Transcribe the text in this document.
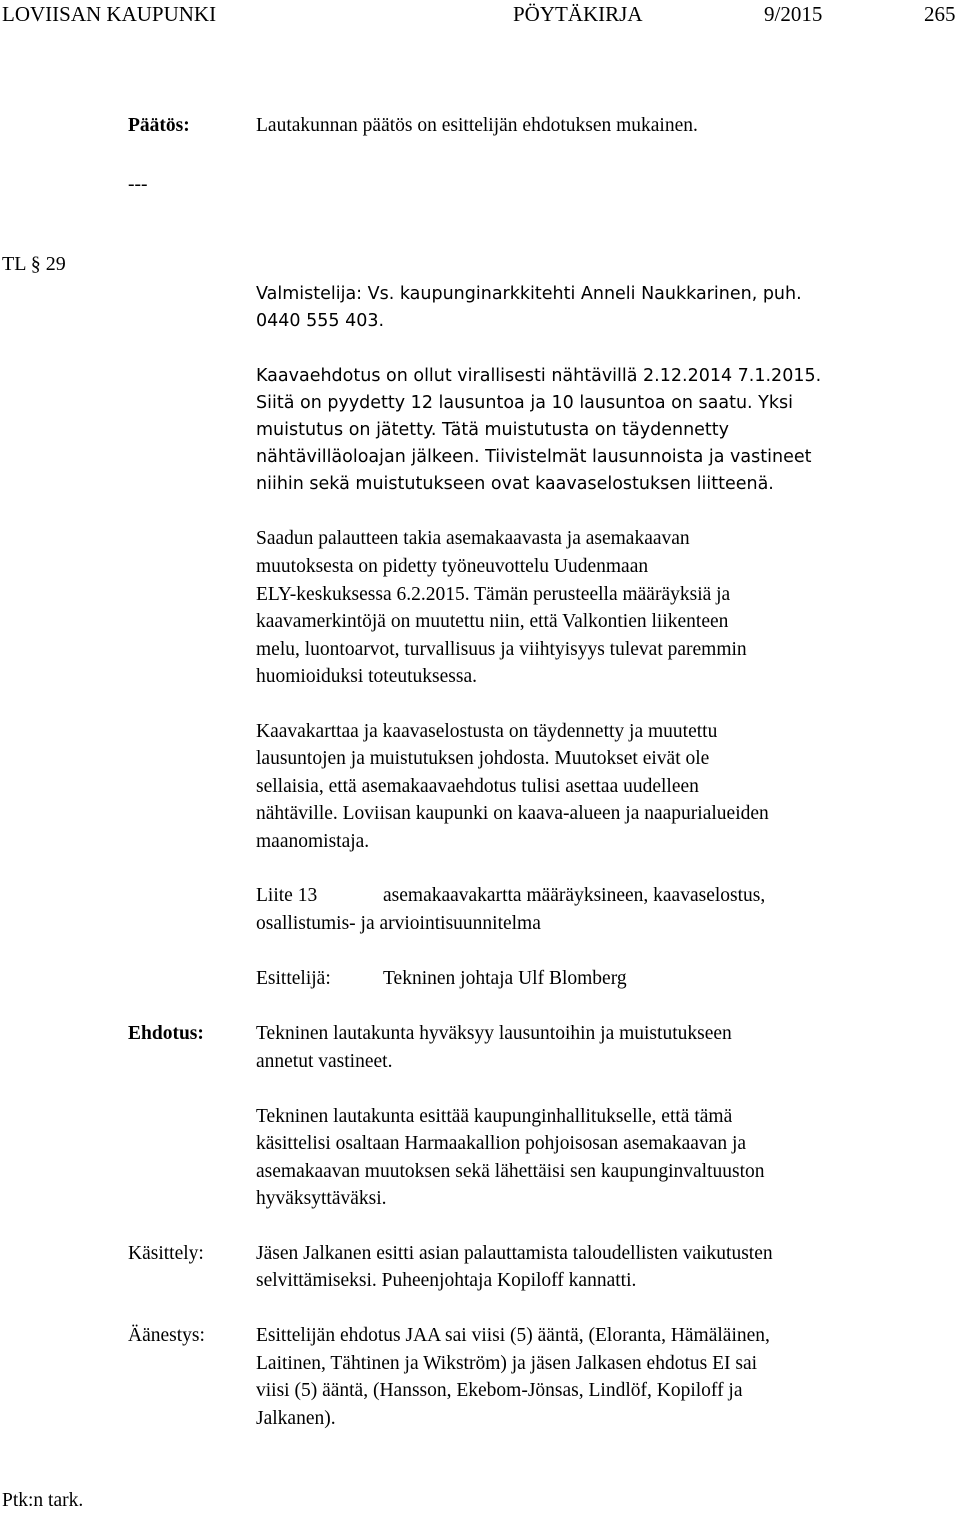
LOVIISAN KAUPUNKI	PÖYTÄKIRJA	9/2015	265
Päätös:	Lautakunnan päätös on esittelijän ehdotuksen mukainen.
---
TL § 29
Valmistelija: Vs. kaupunginarkkitehti Anneli Naukkarinen, puh.
0440 555 403.
Kaavaehdotus on ollut virallisesti nähtävillä 2.12.2014 7.1.2015.
Siitä on pyydetty 12 lausuntoa ja 10 lausuntoa on saatu. Yksi
muistutus on jätetty. Tätä muistutusta on täydennetty
nähtävilläoloajan jälkeen. Tiivistelmät lausunnoista ja vastineet
niihin sekä muistutukseen ovat kaavaselostuksen liitteenä.
Saadun palautteen takia asemakaavasta ja asemakaavan
muutoksesta on pidetty työneuvottelu Uudenmaan
ELY-keskuksessa 6.2.2015. Tämän perusteella määräyksiä ja
kaavamerkintöjä on muutettu niin, että Valkontien liikenteen
melu, luontoarvot, turvallisuus ja viihtyisyys tulevat paremmin
huomioiduksi toteutuksessa.
Kaavakarttaa ja kaavaselostusta on täydennetty ja muutettu
lausuntojen ja muistutuksen johdosta. Muutokset eivät ole
sellaisia, että asemakaavaehdotus tulisi asettaa uudelleen
nähtäville. Loviisan kaupunki on kaava-alueen ja naapurialueiden
maanomistaja.
Liite 13	asemakaavakartta määräyksineen, kaavaselostus,
osallistumis- ja arviointisuunnitelma
Esittelijä:	Tekninen johtaja Ulf Blomberg
Ehdotus:	Tekninen lautakunta hyväksyy lausuntoihin ja muistutukseen
annetut vastineet.
Tekninen lautakunta esittää kaupunginhallitukselle, että tämä
käsittelisi osaltaan Harmaakallion pohjoisosan asemakaavan ja
asemakaavan muutoksen sekä lähettäisi sen kaupunginvaltuuston
hyväksyttäväksi.
Käsittely:	Jäsen Jalkanen esitti asian palauttamista taloudellisten vaikutusten
selvittämiseksi. Puheenjohtaja Kopiloff kannatti.
Äänestys:	Esittelijän ehdotus JAA sai viisi (5) ääntä, (Eloranta, Hämäläinen,
Laitinen, Tähtinen ja Wikström) ja jäsen Jalkasen ehdotus EI sai
viisi (5) ääntä, (Hansson, Ekebom-Jönsas, Lindlöf, Kopiloff ja
Jalkanen).
Ptk:n tark.
